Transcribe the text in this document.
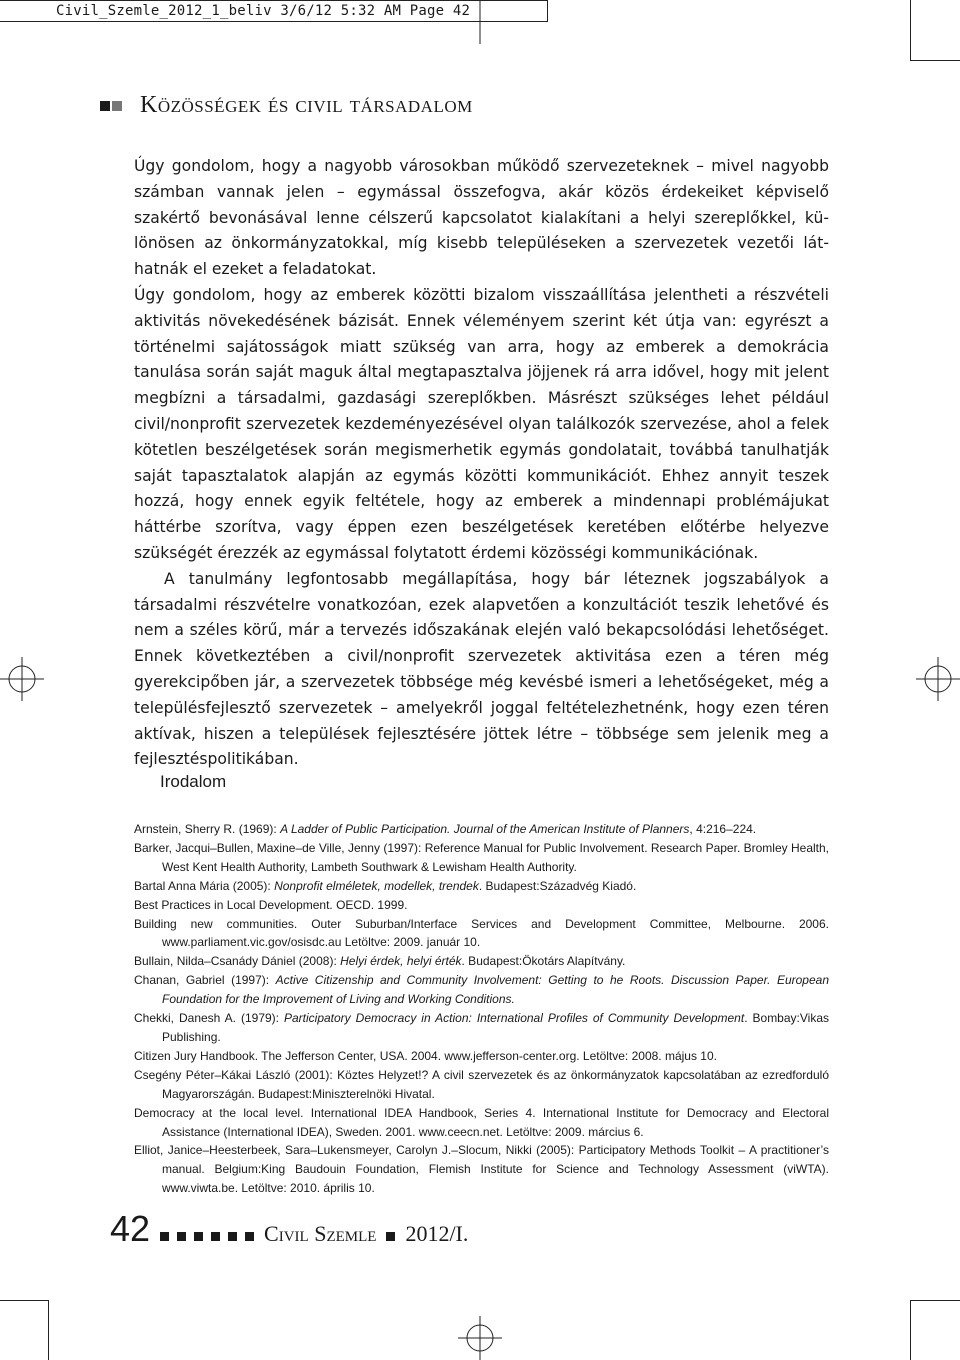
Civil_Szemle_2012_1_beliv 3/6/12 5:32 AM Page 42
Közösségek és civil társadalom

Úgy gondolom, hogy a nagyobb városokban működő szervezeteknek – mivel nagyobb számban vannak jelen – egymással összefogva, akár közös érdekeiket képviselő szakértő bevonásával lenne célszerű kapcsolatot kialakítani a helyi szereplőkkel, különösen az önkormányzatokkal, míg kisebb településeken a szervezetek vezetői láthatnák el ezeket a feladatokat.

Úgy gondolom, hogy az emberek közötti bizalom visszaállítása jelentheti a részvételi aktivitás növekedésének bázisát. Ennek véleményem szerint két útja van: egyrészt a történelmi sajátosságok miatt szükség van arra, hogy az emberek a demokrácia tanulása során saját maguk által megtapasztalva jöjjenek rá arra idővel, hogy mit jelent megbízni a társadalmi, gazdasági szereplőkben. Másrészt szükséges lehet például civil/nonprofit szervezetek kezdeményezésével olyan találkozók szervezése, ahol a felek kötetlen beszélgetések során megismerhetik egymás gondolatait, továbbá tanulhatják saját tapasztalatok alapján az egymás közötti kommunikációt. Ehhez annyit teszek hozzá, hogy ennek egyik feltétele, hogy az emberek a mindennapi problémájukat háttérbe szorítva, vagy éppen ezen beszélgetések keretében előtérbe helyezve szükségét érezzék az egymással folytatott érdemi közösségi kommunikációnak.

A tanulmány legfontosabb megállapítása, hogy bár léteznek jogszabályok a társadalmi részvételre vonatkozóan, ezek alapvetően a konzultációt teszik lehetővé és nem a széles körű, már a tervezés időszakának elején való bekapcsolódási lehetőséget. Ennek következtében a civil/nonprofit szervezetek aktivitása ezen a téren még gyerekcipőben jár, a szervezetek többsége még kevésbé ismeri a lehetőségeket, még a településfejlesztő szervezetek – amelyekről joggal feltételezhetnénk, hogy ezen téren aktívak, hiszen a települések fejlesztésére jöttek létre – többsége sem jelenik meg a fejlesztéspolitikában.

Irodalom
Arnstein, Sherry R. (1969): A Ladder of Public Participation. Journal of the American Institute of Planners, 4:216–224.
Barker, Jacqui–Bullen, Maxine–de Ville, Jenny (1997): Reference Manual for Public Involvement. Research Paper. Bromley Health, West Kent Health Authority, Lambeth Southwark & Lewisham Health Authority.
Bartal Anna Mária (2005): Nonprofit elméletek, modellek, trendek. Budapest:Századvég Kiadó.
Best Practices in Local Development. OECD. 1999.
Building new communities. Outer Suburban/Interface Services and Development Committee, Melbourne. 2006. www.parliament.vic.gov/osisdc.au Letöltve: 2009. január 10.
Bullain, Nilda–Csanády Dániel (2008): Helyi érdek, helyi érték. Budapest:Ökotárs Alapítvány.
Chanan, Gabriel (1997): Active Citizenship and Community Involvement: Getting to he Roots. Discussion Paper. European Foundation for the Improvement of Living and Working Conditions.
Chekki, Danesh A. (1979): Participatory Democracy in Action: International Profiles of Community Development. Bombay:Vikas Publishing.
Citizen Jury Handbook. The Jefferson Center, USA. 2004. www.jefferson-center.org. Letöltve: 2008. május 10.
Csegény Péter–Kákai László (2001): Köztes Helyzet!? A civil szervezetek és az önkormányzatok kapcsolatában az ezredforduló Magyarországán. Budapest:Miniszterelnöki Hivatal.
Democracy at the local level. International IDEA Handbook, Series 4. International Institute for Democracy and Electoral Assistance (International IDEA), Sweden. 2001. www.ceecn.net. Letöltve: 2009. március 6.
Elliot, Janice–Heesterbeek, Sara–Lukensmeyer, Carolyn J.–Slocum, Nikki (2005): Participatory Methods Toolkit – A practitioner’s manual. Belgium:King Baudouin Foundation, Flemish Institute for Science and Technology Assessment (viWTA). www.viwta.be. Letöltve: 2010. április 10.
42	Civil Szemle 2012/I.
